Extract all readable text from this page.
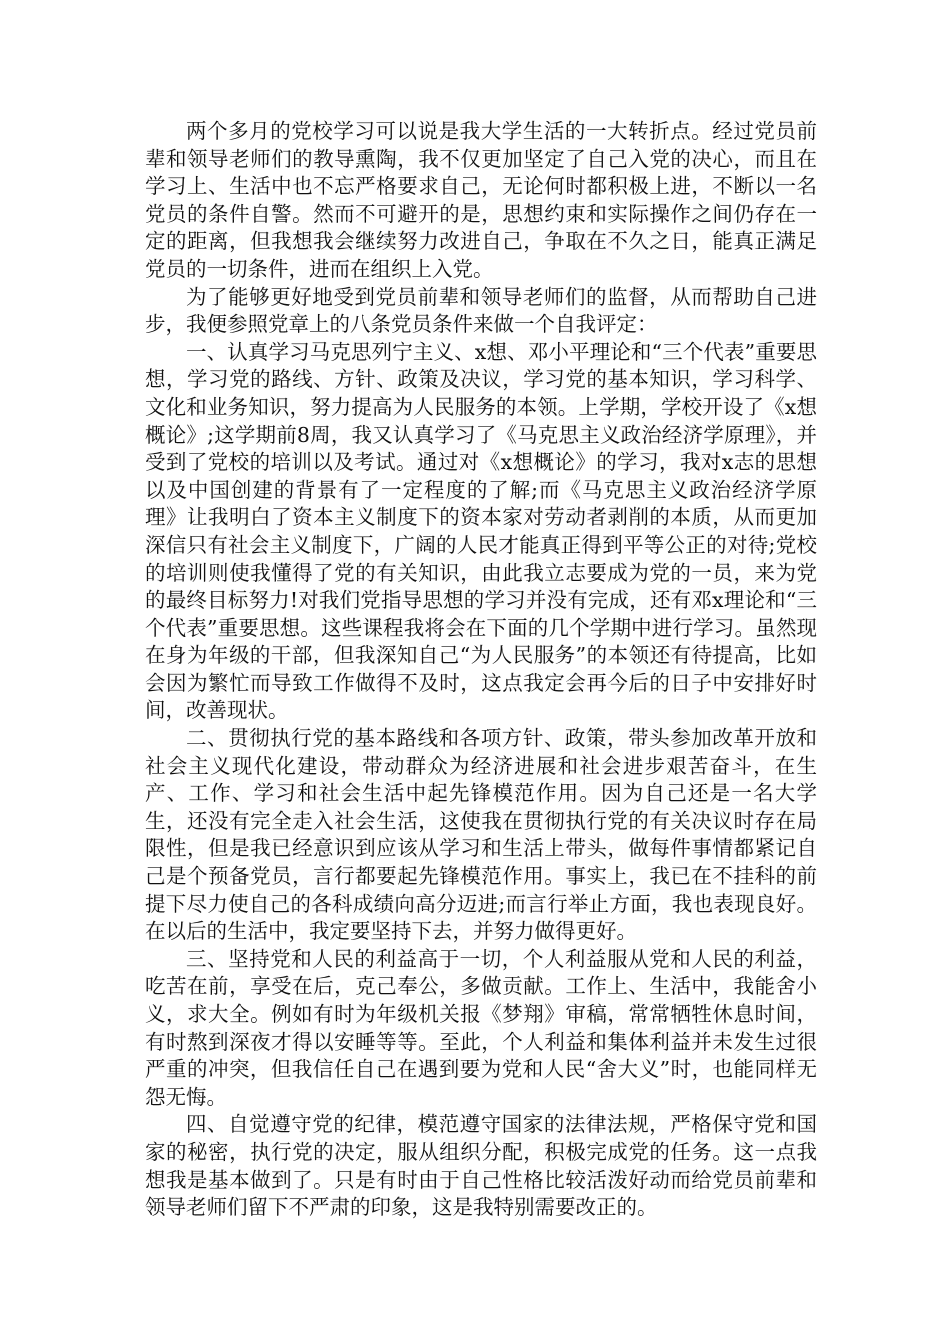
两个多月的党校学习可以说是我大学生活的一大转折点。经过党员前辈和领导老师们的教导熏陶，我不仅更加坚定了自己入党的决心，而且在学习上、生活中也不忘严格要求自己，无论何时都积极上进，不断以一名党员的条件自警。然而不可避开的是，思想约束和实际操作之间仍存在一定的距离，但我想我会继续努力改进自己，争取在不久之日，能真正满足党员的一切条件，进而在组织上入党。

为了能够更好地受到党员前辈和领导老师们的监督，从而帮助自己进步，我便参照党章上的八条党员条件来做一个自我评定：

一、认真学习马克思列宁主义、x想、邓小平理论和“三个代表”重要思想，学习党的路线、方针、政策及决议，学习党的基本知识，学习科学、文化和业务知识，努力提高为人民服务的本领。上学期，学校开设了《x想概论》;这学期前8周，我又认真学习了《马克思主义政治经济学原理》，并受到了党校的培训以及考试。通过对《x想概论》的学习，我对x志的思想以及中国创建的背景有了一定程度的了解;而《马克思主义政治经济学原理》让我明白了资本主义制度下的资本家对劳动者剥削的本质，从而更加深信只有社会主义制度下，广阔的人民才能真正得到平等公正的对待;党校的培训则使我懂得了党的有关知识，由此我立志要成为党的一员，来为党的最终目标努力!对我们党指导思想的学习并没有完成，还有邓x理论和“三个代表”重要思想。这些课程我将会在下面的几个学期中进行学习。虽然现在身为年级的干部，但我深知自己“为人民服务”的本领还有待提高，比如会因为繁忙而导致工作做得不及时，这点我定会再今后的日子中安排好时间，改善现状。

二、贯彻执行党的基本路线和各项方针、政策，带头参加改革开放和社会主义现代化建设，带动群众为经济进展和社会进步艰苦奋斗，在生产、工作、学习和社会生活中起先锋模范作用。因为自己还是一名大学生，还没有完全走入社会生活，这使我在贯彻执行党的有关决议时存在局限性，但是我已经意识到应该从学习和生活上带头，做每件事情都紧记自己是个预备党员，言行都要起先锋模范作用。事实上，我已在不挂科的前提下尽力使自己的各科成绩向高分迈进;而言行举止方面，我也表现良好。在以后的生活中，我定要坚持下去，并努力做得更好。

三、坚持党和人民的利益高于一切，个人利益服从党和人民的利益，吃苦在前，享受在后，克己奉公，多做贡献。工作上、生活中，我能舍小义，求大全。例如有时为年级机关报《梦翔》审稿，常常牺牲休息时间，有时熬到深夜才得以安睡等等。至此，个人利益和集体利益并未发生过很严重的冲突，但我信任自己在遇到要为党和人民“舍大义”时，也能同样无怨无悔。

四、自觉遵守党的纪律，模范遵守国家的法律法规，严格保守党和国家的秘密，执行党的决定，服从组织分配，积极完成党的任务。这一点我想我是基本做到了。只是有时由于自己性格比较活泼好动而给党员前辈和领导老师们留下不严肃的印象，这是我特别需要改正的。
